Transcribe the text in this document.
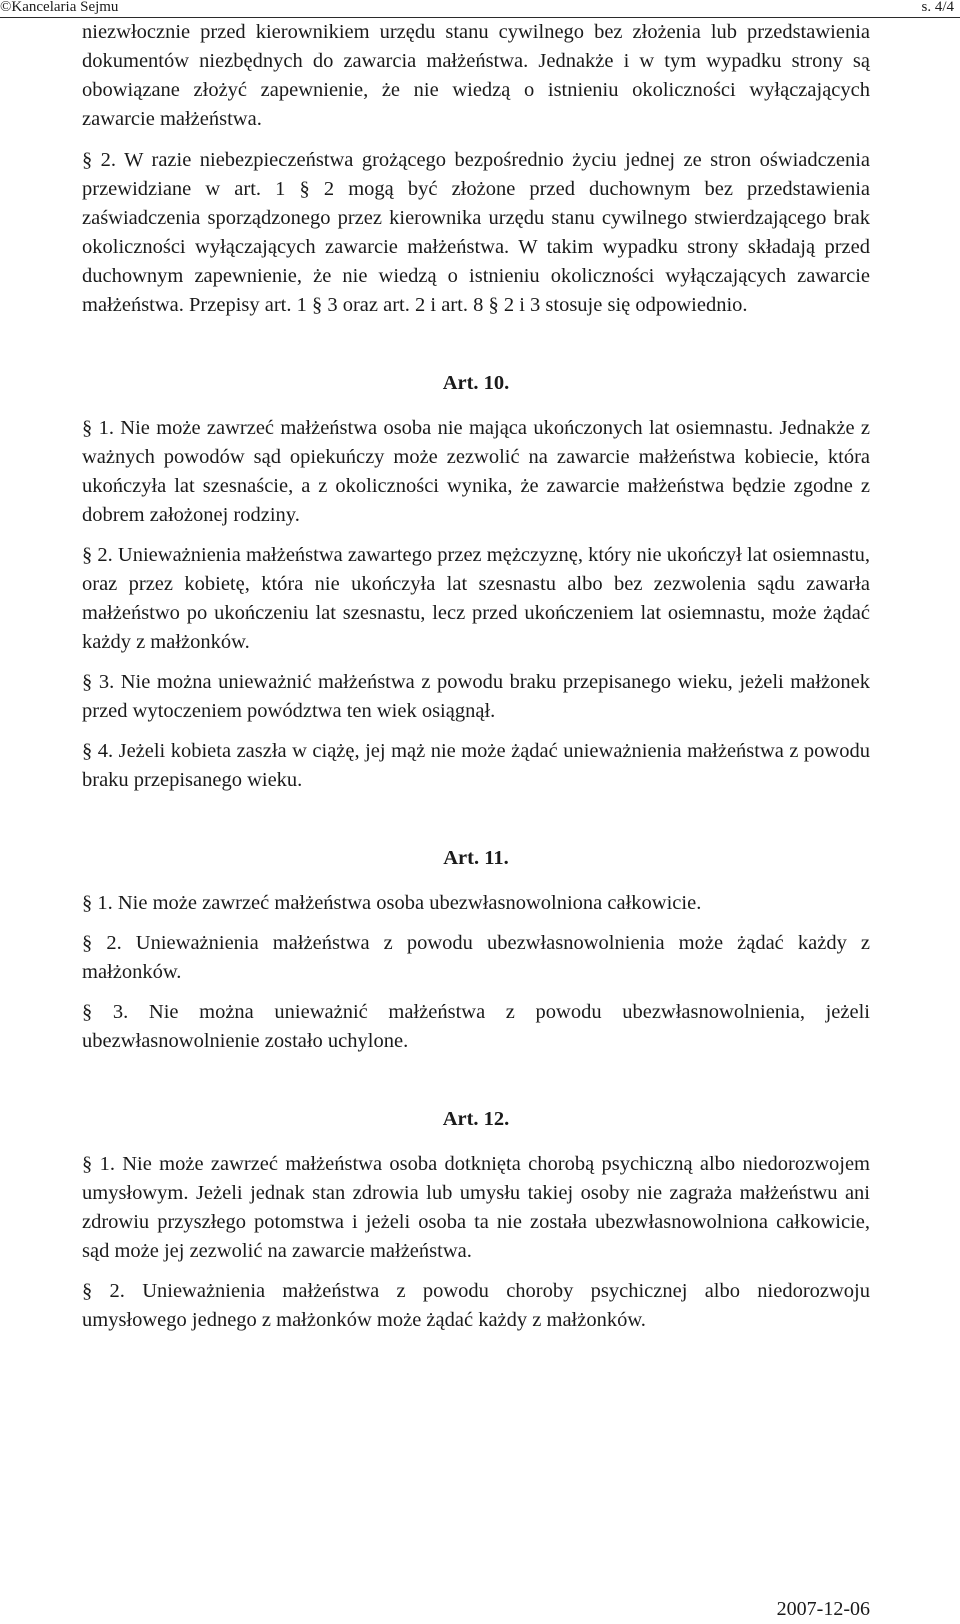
©Kancelaria Sejmu	s. 4/4

niezwłocznie przed kierownikiem urzędu stanu cywilnego bez złożenia lub przedstawienia dokumentów niezbędnych do zawarcia małżeństwa. Jednakże i w tym wypadku strony są obowiązane złożyć zapewnienie, że nie wiedzą o istnieniu okoliczności wyłączających zawarcie małżeństwa.

§ 2. W razie niebezpieczeństwa grożącego bezpośrednio życiu jednej ze stron oświadczenia przewidziane w art. 1 § 2 mogą być złożone przed duchownym bez przedstawienia zaświadczenia sporządzonego przez kierownika urzędu stanu cywilnego stwierdzającego brak okoliczności wyłączających zawarcie małżeństwa. W takim wypadku strony składają przed duchownym zapewnienie, że nie wiedzą o istnieniu okoliczności wyłączających zawarcie małżeństwa. Przepisy art. 1 § 3 oraz art. 2 i art. 8 § 2 i 3 stosuje się odpowiednio.

Art. 10.

§ 1. Nie może zawrzeć małżeństwa osoba nie mająca ukończonych lat osiemnastu. Jednakże z ważnych powodów sąd opiekuńczy może zezwolić na zawarcie małżeństwa kobiecie, która ukończyła lat szesnaście, a z okoliczności wynika, że zawarcie małżeństwa będzie zgodne z dobrem założonej rodziny.

§ 2. Unieważnienia małżeństwa zawartego przez mężczyznę, który nie ukończył lat osiemnastu, oraz przez kobietę, która nie ukończyła lat szesnastu albo bez zezwolenia sądu zawarła małżeństwo po ukończeniu lat szesnastu, lecz przed ukończeniem lat osiemnastu, może żądać każdy z małżonków.

§ 3. Nie można unieważnić małżeństwa z powodu braku przepisanego wieku, jeżeli małżonek przed wytoczeniem powództwa ten wiek osiągnął.

§ 4. Jeżeli kobieta zaszła w ciążę, jej mąż nie może żądać unieważnienia małżeństwa z powodu braku przepisanego wieku.

Art. 11.

§ 1. Nie może zawrzeć małżeństwa osoba ubezwłasnowolniona całkowicie.

§ 2. Unieważnienia małżeństwa z powodu ubezwłasnowolnienia może żądać każdy z małżonków.

§ 3. Nie można unieważnić małżeństwa z powodu ubezwłasnowolnienia, jeżeli ubezwłasnowolnienie zostało uchylone.

Art. 12.

§ 1. Nie może zawrzeć małżeństwa osoba dotknięta chorobą psychiczną albo niedorozwojem umysłowym. Jeżeli jednak stan zdrowia lub umysłu takiej osoby nie zagraża małżeństwu ani zdrowiu przyszłego potomstwa i jeżeli osoba ta nie została ubezwłasnowolniona całkowicie, sąd może jej zezwolić na zawarcie małżeństwa.

§ 2. Unieważnienia małżeństwa z powodu choroby psychicznej albo niedorozwoju umysłowego jednego z małżonków może żądać każdy z małżonków.

2007-12-06
